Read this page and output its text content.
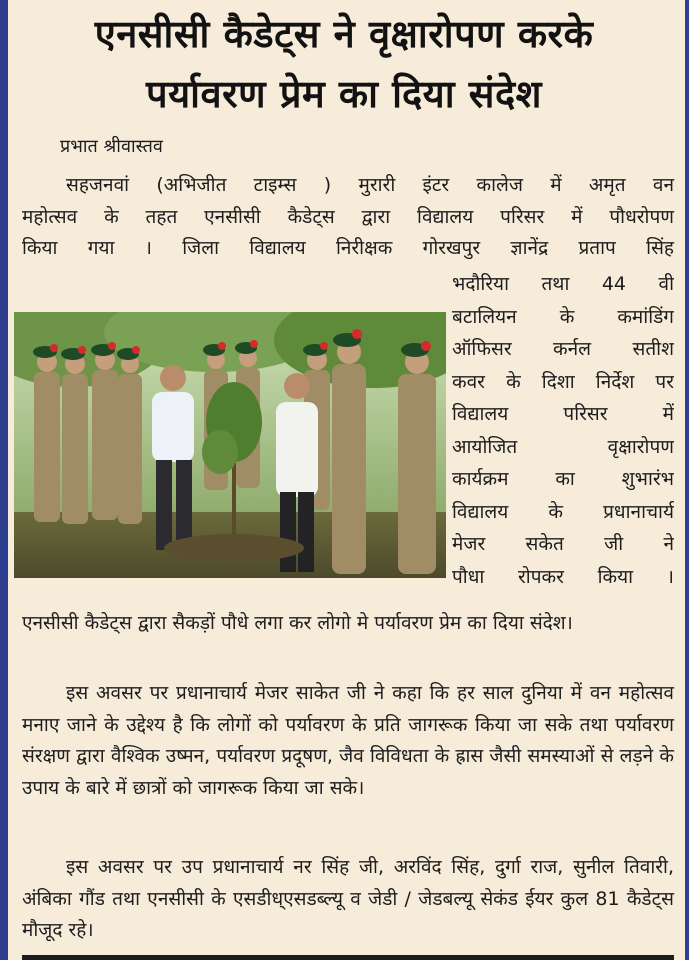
एनसीसी कैडेट्स ने वृक्षारोपण करके
पर्यावरण प्रेम का दिया संदेश
प्रभात श्रीवास्तव

सहजनवां (अभिजीत टाइम्स ) मुरारी इंटर कालेज में अमृत वन

महोत्सव के तहत एनसीसी कैडेट्स द्वारा विद्यालय परिसर में पौधरोपण

किया गया । जिला विद्यालय निरीक्षक गोरखपुर ज्ञानेंद्र प्रताप सिंह

भदौरिया तथा 44 वी
बटालियन के कमांडिंग
ऑफिसर कर्नल सतीश
कवर के दिशा निर्देश पर
विद्यालय परिसर में
आयोजित वृक्षारोपण
कार्यक्रम का शुभारंभ
विद्यालय के प्रधानाचार्य
मेजर सकेत जी ने
पौधा रोपकर किया ।

एनसीसी कैडेट्स द्वारा सैकड़ों पौधे लगा कर लोगो मे पर्यावरण प्रेम का दिया संदेश।

इस अवसर पर प्रधानाचार्य मेजर साकेत जी ने कहा कि हर साल दुनिया में वन महोत्सव मनाए जाने के उद्देश्य है कि लोगों को पर्यावरण के प्रति जागरूक किया जा सके तथा पर्यावरण संरक्षण द्वारा वैश्विक उष्मन, पर्यावरण प्रदूषण, जैव विविधता के ह्रास जैसी समस्याओं से लड़ने के उपाय के बारे में छात्रों को जागरूक किया जा सके।

इस अवसर पर उप प्रधानाचार्य नर सिंह जी, अरविंद सिंह, दुर्गा राज, सुनील तिवारी, अंबिका गौंड तथा एनसीसी के एसडीध्एसडब्ल्यू व जेडी / जेडबल्यू सेकंड ईयर कुल 81 कैडेट्स मौजूद रहे।
